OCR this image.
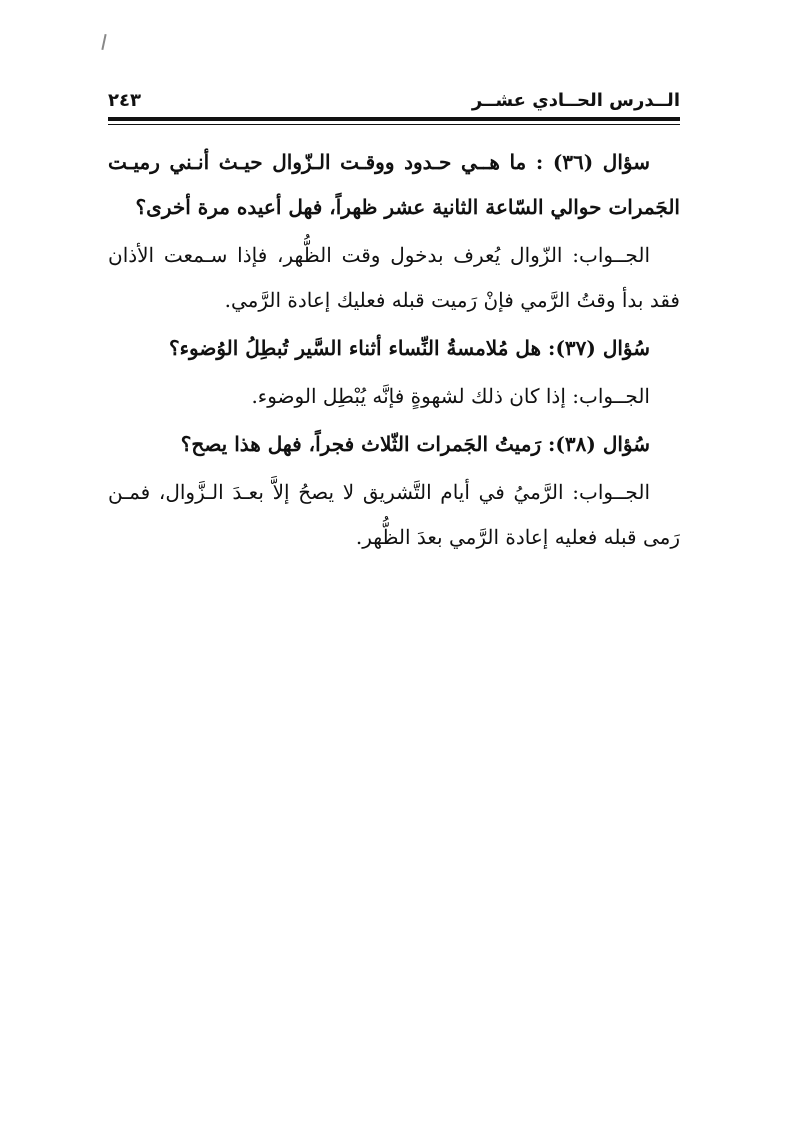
الــدرس الحــادي عشــر
٢٤٣

سؤال (٣٦) : ما هــي حـدود ووقـت الـزّوال حيـث أنـني رميـت الجَمرات حوالي السّاعة الثانية عشر ظهراً، فهل أعيده مرة أخرى؟

الجــواب: الزّوال يُعرف بدخول وقت الظُّهر، فإذا سـمعت الأذان فقد بدأ وقتُ الرَّمي فإنْ رَميت قبله فعليك إعادة الرَّمي.

سُؤال (٣٧): هل مُلامسةُ النِّساء أثناء السَّير تُبطِلُ الوُضوء؟

الجــواب: إذا كان ذلك لشهوةٍ فإنَّه يُبْطِل الوضوء.

سُؤال (٣٨): رَميتُ الجَمرات الثّلاث فجراً، فهل هذا يصح؟

الجــواب: الرَّميُ في أيام التَّشريق لا يصحُ إلاَّ بعـدَ الـزَّوال، فمـن رَمى قبله فعليه إعادة الرَّمي بعدَ الظُّهر.
